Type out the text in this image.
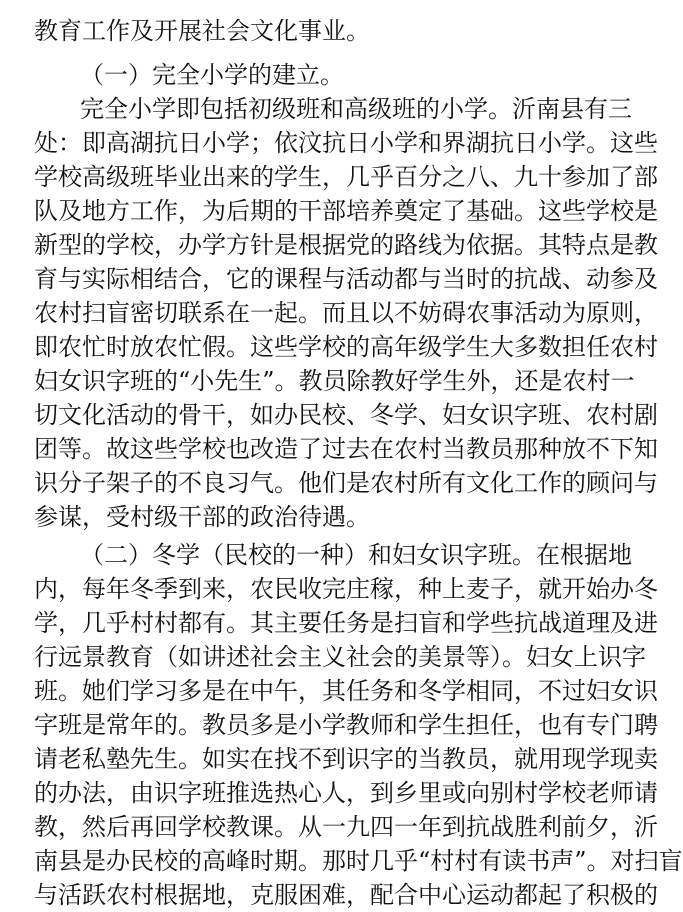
教育工作及开展社会文化事业。
（一）完全小学的建立。
完全小学即包括初级班和高级班的小学。沂南县有三
处：即高湖抗日小学；依汶抗日小学和界湖抗日小学。这些
学校高级班毕业出来的学生，几乎百分之八、九十参加了部
队及地方工作，为后期的干部培养奠定了基础。这些学校是
新型的学校，办学方针是根据党的路线为依据。其特点是教
育与实际相结合，它的课程与活动都与当时的抗战、动参及
农村扫盲密切联系在一起。而且以不妨碍农事活动为原则，
即农忙时放农忙假。这些学校的高年级学生大多数担任农村
妇女识字班的“小先生”。教员除教好学生外，还是农村一
切文化活动的骨干，如办民校、冬学、妇女识字班、农村剧
团等。故这些学校也改造了过去在农村当教员那种放不下知
识分子架子的不良习气。他们是农村所有文化工作的顾问与
参谋，受村级干部的政治待遇。
（二）冬学（民校的一种）和妇女识字班。在根据地
内，每年冬季到来，农民收完庄稼，种上麦子，就开始办冬
学，几乎村村都有。其主要任务是扫盲和学些抗战道理及进
行远景教育（如讲述社会主义社会的美景等）。妇女上识字
班。她们学习多是在中午，其任务和冬学相同，不过妇女识
字班是常年的。教员多是小学教师和学生担任，也有专门聘
请老私塾先生。如实在找不到识字的当教员，就用现学现卖
的办法，由识字班推选热心人，到乡里或向别村学校老师请
教，然后再回学校教课。从一九四一年到抗战胜利前夕，沂
南县是办民校的高峰时期。那时几乎“村村有读书声”。对扫盲
与活跃农村根据地，克服困难，配合中心运动都起了积极的
